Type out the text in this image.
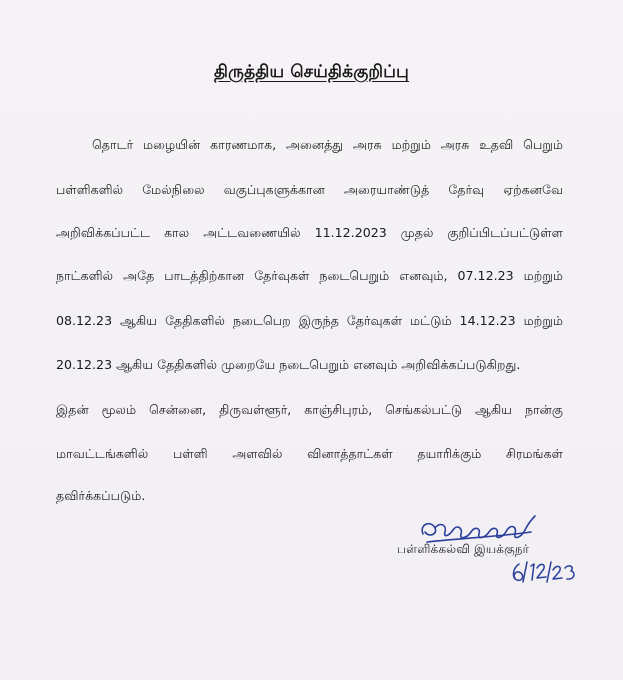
திருத்திய செய்திக்குறிப்பு
தொடர் மழையின் காரணமாக, அனைத்து அரசு மற்றும் அரசு உதவி பெறும்
பள்ளிகளில் மேல்நிலை வகுப்புகளுக்கான அரையாண்டுத் தேர்வு ஏற்கனவே
அறிவிக்கப்பட்ட கால அட்டவணையில் 11.12.2023 முதல் குறிப்பிடப்பட்டுள்ள
நாட்களில் அதே பாடத்திற்கான தேர்வுகள் நடைபெறும் எனவும், 07.12.23 மற்றும்
08.12.23 ஆகிய தேதிகளில் நடைபெற இருந்த தேர்வுகள் மட்டும் 14.12.23 மற்றும்
20.12.23 ஆகிய தேதிகளில் முறையே நடைபெறும் எனவும் அறிவிக்கப்படுகிறது.
இதன் மூலம் சென்னை, திருவள்ளூர், காஞ்சிபுரம், செங்கல்பட்டு ஆகிய நான்கு
மாவட்டங்களில் பள்ளி அளவில் வினாத்தாட்கள் தயாரிக்கும் சிரமங்கள்
தவிர்க்கப்படும்.
பள்ளிக்கல்வி இயக்குநர்
